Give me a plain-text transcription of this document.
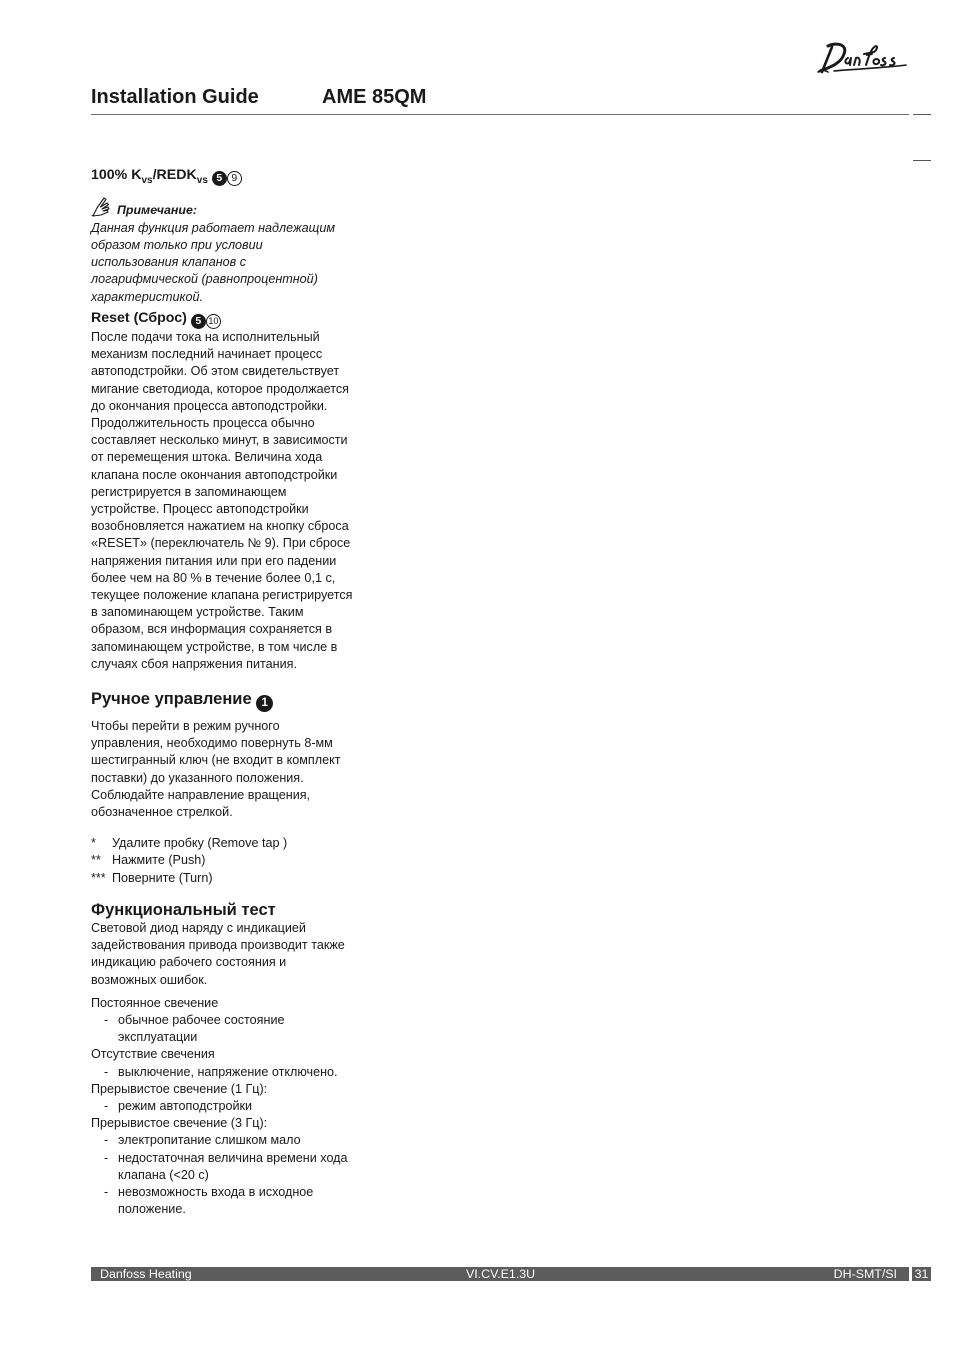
Installation Guide	AME 85QM
100% $K_{vs}/REDK_{vs}$ 5 9
Примечание:

Данная функция работает надлежащим образом только при условии использования клапанов с логарифмической (равнопроцентной) характеристикой.

Reset (Сброс) 5 10

После подачи тока на исполнительный механизм последний начинает процесс автоподстройки. Об этом свидетельствует мигание светодиода, которое продолжается до окончания процесса автоподстройки. Продолжительность процесса обычно составляет несколько минут, в зависимости от перемещения штока. Величина хода клапана после окончания автоподстройки регистрируется в запоминающем устройстве. Процесс автоподстройки возобновляется нажатием на кнопку сброса «RESET» (переключатель № 9). При сбросе напряжения питания или при его падении более чем на 80 % в течение более 0,1 с, текущее положение клапана регистрируется в запоминающем устройстве. Таким образом, вся информация сохраняется в запоминающем устройстве, в том числе в случаях сбоя напряжения питания.

Ручное управление 1

Чтобы перейти в режим ручного управления, необходимо повернуть 8-мм шестигранный ключ (не входит в комплект поставки) до указанного положения. Соблюдайте направление вращения, обозначенное стрелкой.

*	Удалите пробку (Remove tap )
** Нажмите (Push)
*** Поверните (Turn)
Функциональный тест

Световой диод наряду с индикацией задействования привода производит также индикацию рабочего состояния и возможных ошибок.

Постоянное свечение

- обычное рабочее состояние эксплуатации

Отсутствие свечения

- выключение, напряжение отключено.

Прерывистое свечение (1 Гц):

- режим автоподстройки

Прерывистое свечение (3 Гц):

- электропитание слишком мало
- недостаточная величина времени хода клапана (<20 с)
- невозможность входа в исходное положение.
Danfoss Heating	VI.CV.E1.3U	DH-SMT/SI 31
